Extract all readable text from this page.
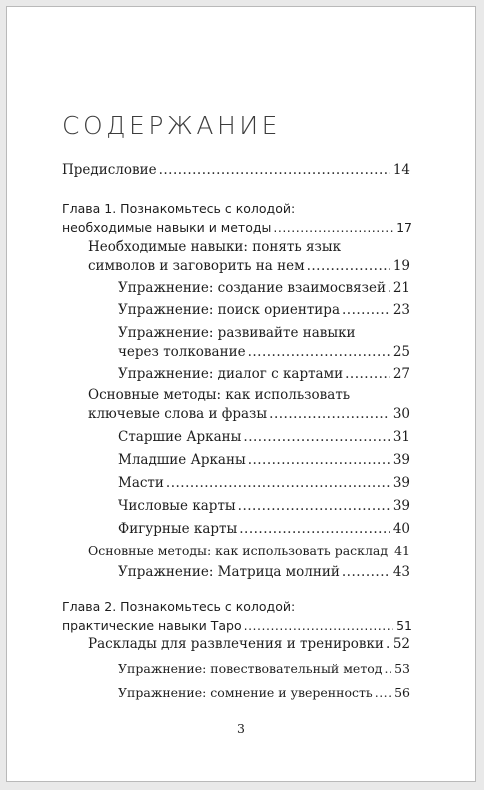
СОДЕРЖАНИЕ
Предисловие .....	14
Глава 1. Познакомьтесь с колодой:
необходимые навыки и методы .....	17
Необходимые навыки: понять язык
символов и заговорить на нем .....	19
Упражнение: создание взаимосвязей ..... 21
Упражнение: поиск ориентира .....	23
Упражнение: развивайте навыки
через толкование .....	25
Упражнение: диалог с картами .....	27
Основные методы: как использовать
ключевые слова и фразы .....	30
Старшие Арканы .....	31
Младшие Арканы .....	39
Масти .....	39
Числовые карты .....	39
Фигурные карты .....	40
Основные методы: как использовать расклад ..... 41
Упражнение: Матрица молний .....	43
Глава 2. Познакомьтесь с колодой:
практические навыки Таро .....	51
Расклады для развлечения и тренировки ..... 52
Упражнение: повествовательный метод ..... 53
Упражнение: сомнение и уверенность ..... 56
3
